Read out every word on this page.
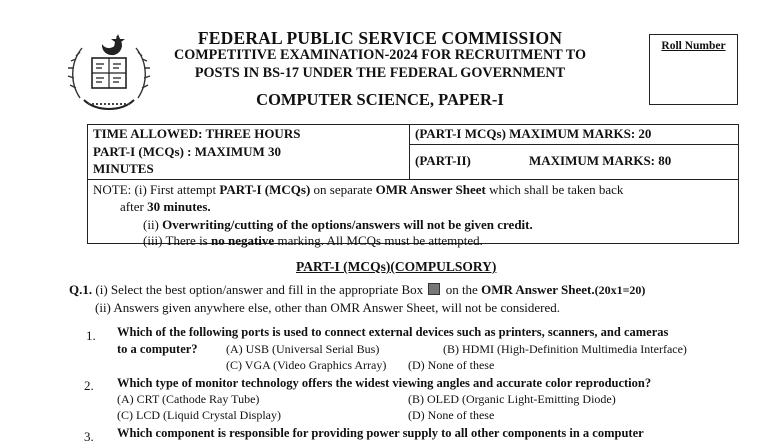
FEDERAL PUBLIC SERVICE COMMISSION
COMPETITIVE EXAMINATION-2024 FOR RECRUITMENT TO
POSTS IN BS-17 UNDER THE FEDERAL GOVERNMENT
COMPUTER SCIENCE, PAPER-I
Roll Number
TIME ALLOWED: THREE HOURS
PART-I (MCQs) : MAXIMUM 30
MINUTES
(PART-I MCQs) MAXIMUM MARKS: 20
(PART-II)	MAXIMUM MARKS: 80
NOTE: (i) First attempt PART-I (MCQs) on separate OMR Answer Sheet which shall be taken back
after 30 minutes.
(ii) Overwriting/cutting of the options/answers will not be given credit.
(iii) There is no negative marking. All MCQs must be attempted.
PART-I (MCQs)(COMPULSORY)
Q.1. (i) Select the best option/answer and fill in the appropriate Box  on the OMR Answer Sheet.(20x1=20)
(ii) Answers given anywhere else, other than OMR Answer Sheet, will not be considered.
1. Which of the following ports is used to connect external devices such as printers, scanners, and cameras
to a computer? (A) USB (Universal Serial Bus)	(B) HDMI (High-Definition Multimedia Interface)
(C) VGA (Video Graphics Array) (D) None of these
2. Which type of monitor technology offers the widest viewing angles and accurate color reproduction?
(A) CRT (Cathode Ray Tube)	(B) OLED (Organic Light-Emitting Diode)
(C) LCD (Liquid Crystal Display)	(D) None of these
3. Which component is responsible for providing power supply to all other components in a computer
